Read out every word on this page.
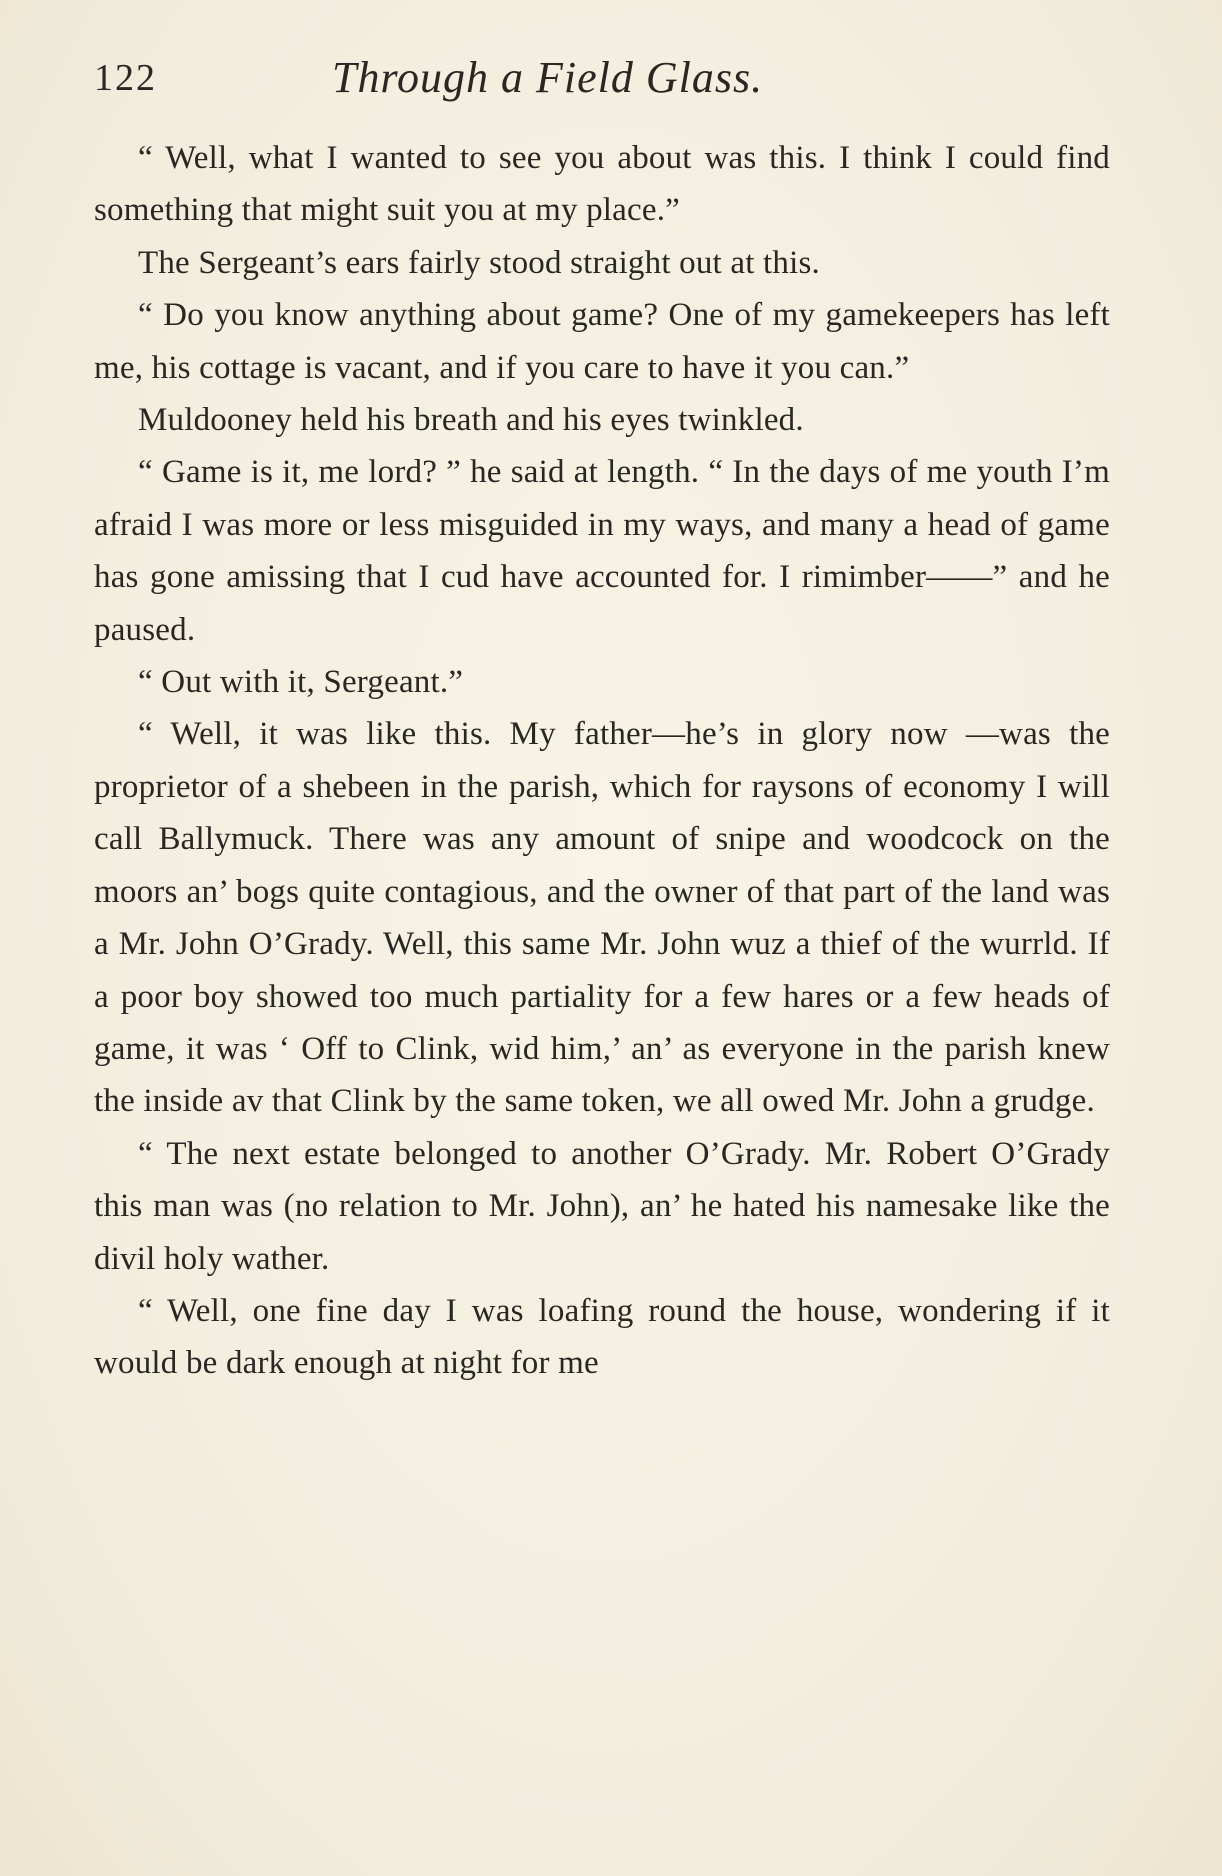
122	Through a Field Glass.

“ Well, what I wanted to see you about was this. I think I could find something that might suit you at my place.”

The Sergeant’s ears fairly stood straight out at this.

“ Do you know anything about game? One of my gamekeepers has left me, his cottage is vacant, and if you care to have it you can.”

Muldooney held his breath and his eyes twinkled.

“ Game is it, me lord? ” he said at length. “ In the days of me youth I’m afraid I was more or less misguided in my ways, and many a head of game has gone amissing that I cud have accounted for. I rimimber——” and he paused.

“ Out with it, Sergeant.”

“ Well, it was like this. My father—he’s in glory now —was the proprietor of a shebeen in the parish, which for raysons of economy I will call Ballymuck. There was any amount of snipe and woodcock on the moors an’ bogs quite contagious, and the owner of that part of the land was a Mr. John O’Grady. Well, this same Mr. John wuz a thief of the wurrld. If a poor boy showed too much partiality for a few hares or a few heads of game, it was ‘ Off to Clink, wid him,’ an’ as everyone in the parish knew the inside av that Clink by the same token, we all owed Mr. John a grudge.

“ The next estate belonged to another O’Grady. Mr. Robert O’Grady this man was (no relation to Mr. John), an’ he hated his namesake like the divil holy wather.

“ Well, one fine day I was loafing round the house, wondering if it would be dark enough at night for me
